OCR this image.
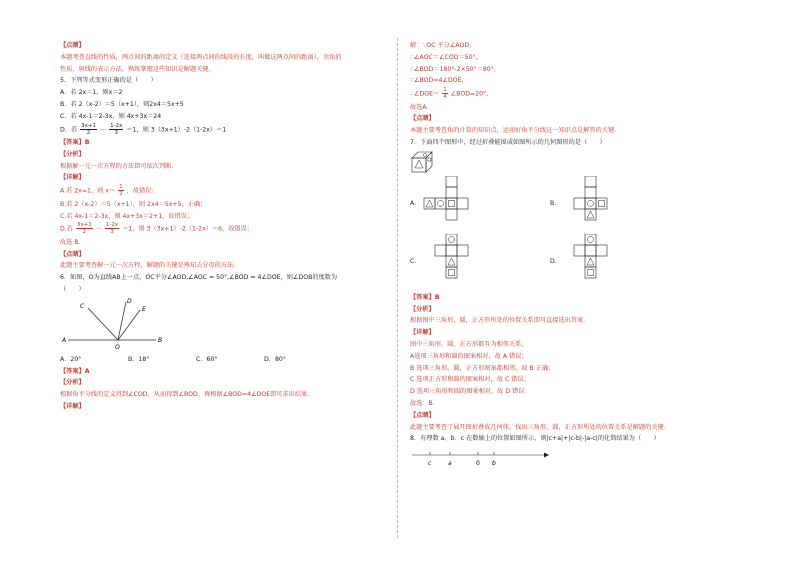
【点睛】

本题考查直线的性质，两点间的距离的定义（连接两点间的线段的长度，叫做这两点间的距离），余角的

性质，射线的表示方法，熟练掌握这些知识是解题关键。

5．下列等式变形正确的是（　　）

A．若 2x＝1，则x＝2

B．若 2（x-2）＝5（x+1），则2x4＝5x+5

C．若 4x-1＝2-3x，则 4x+3x＝24

D．若 $\frac{3x+1}{2} - \frac{1-2x}{3} =1$，则 3（3x+1）-2（1-2x）＝1

【答案】B

【分析】

根据解一元一次方程的方法即可依次判断.

【详解】

A.若 2x=1，则 $x= \frac{1}{2}$ ，故错误；

B.若 2（x-2）＝5（x+1），则 2x4＝5x+5，正确；

C.若 4x-1＝2-3x，则 4x+3x＝2+1，故错误；

D.若 $\frac{3x+1}{2} - \frac{1-2x}{3} =1$，则 3（3x+1）-2（1-2x）＝6，故错误；

故选 B．

【点睛】

此题主要考查解一元一次方程，解题的关键是熟知去分母的方法.

6．如图，O为直线AB上一点，OC平分∠AOD,∠AOC = 50°,∠BOD = 4∠DOE，则∠DOB的度数为

（　　）

C
D
E
A
O
B

A．20°	B．18°	C．60°	D．80°

【答案】A

【分析】

根据角平分线的定义得到∠COD，从而得到∠BOD，再根据∠BOD=4∠DOE即可求出结果.

【详解】

解：∵OC 平分∠AOD，

∴∠AOC＝∠COD＝50°，

∴∠BOD＝180°-2×50°＝80°，

∵∠BOD=4∠DOE，

∴∠DOE＝ $\frac{1}{4}$ ∠BOD=20°，

故选A．

【点睛】

本题主要考查角的计算的知识点，运用好角平分线这一知识点是解答的关键．

7．下面四个图形中，经过折叠能围成如图所示的几何图形的是（　　）

A．	B．
C．	D．

【答案】B

【分析】

根据图中三角形，圆，正方形所处的位置关系即可直接选出答案.

【详解】

图中三角形，圆，正方形都互为相邻关系，

A选项三角形和圆的图案相对，故 A 错误；

B 选项三角形，圆，正方形图案都相邻，故 B 正确；

C 选项正方形和圆的图案相对，故 C 错误；

D 选项三角形和圆的图案相对，故 D 错误．

故选：B．

【点睛】

此题主要考查了展开图折叠成几何体，找出三角形，圆，正方形所处的位置关系是解题的关键．

8．有理数 a、b、c 在数轴上的位置如图所示，则|c+a|+|c-b|-|a-c|的化简结果为（　　）

c	a	0 b
